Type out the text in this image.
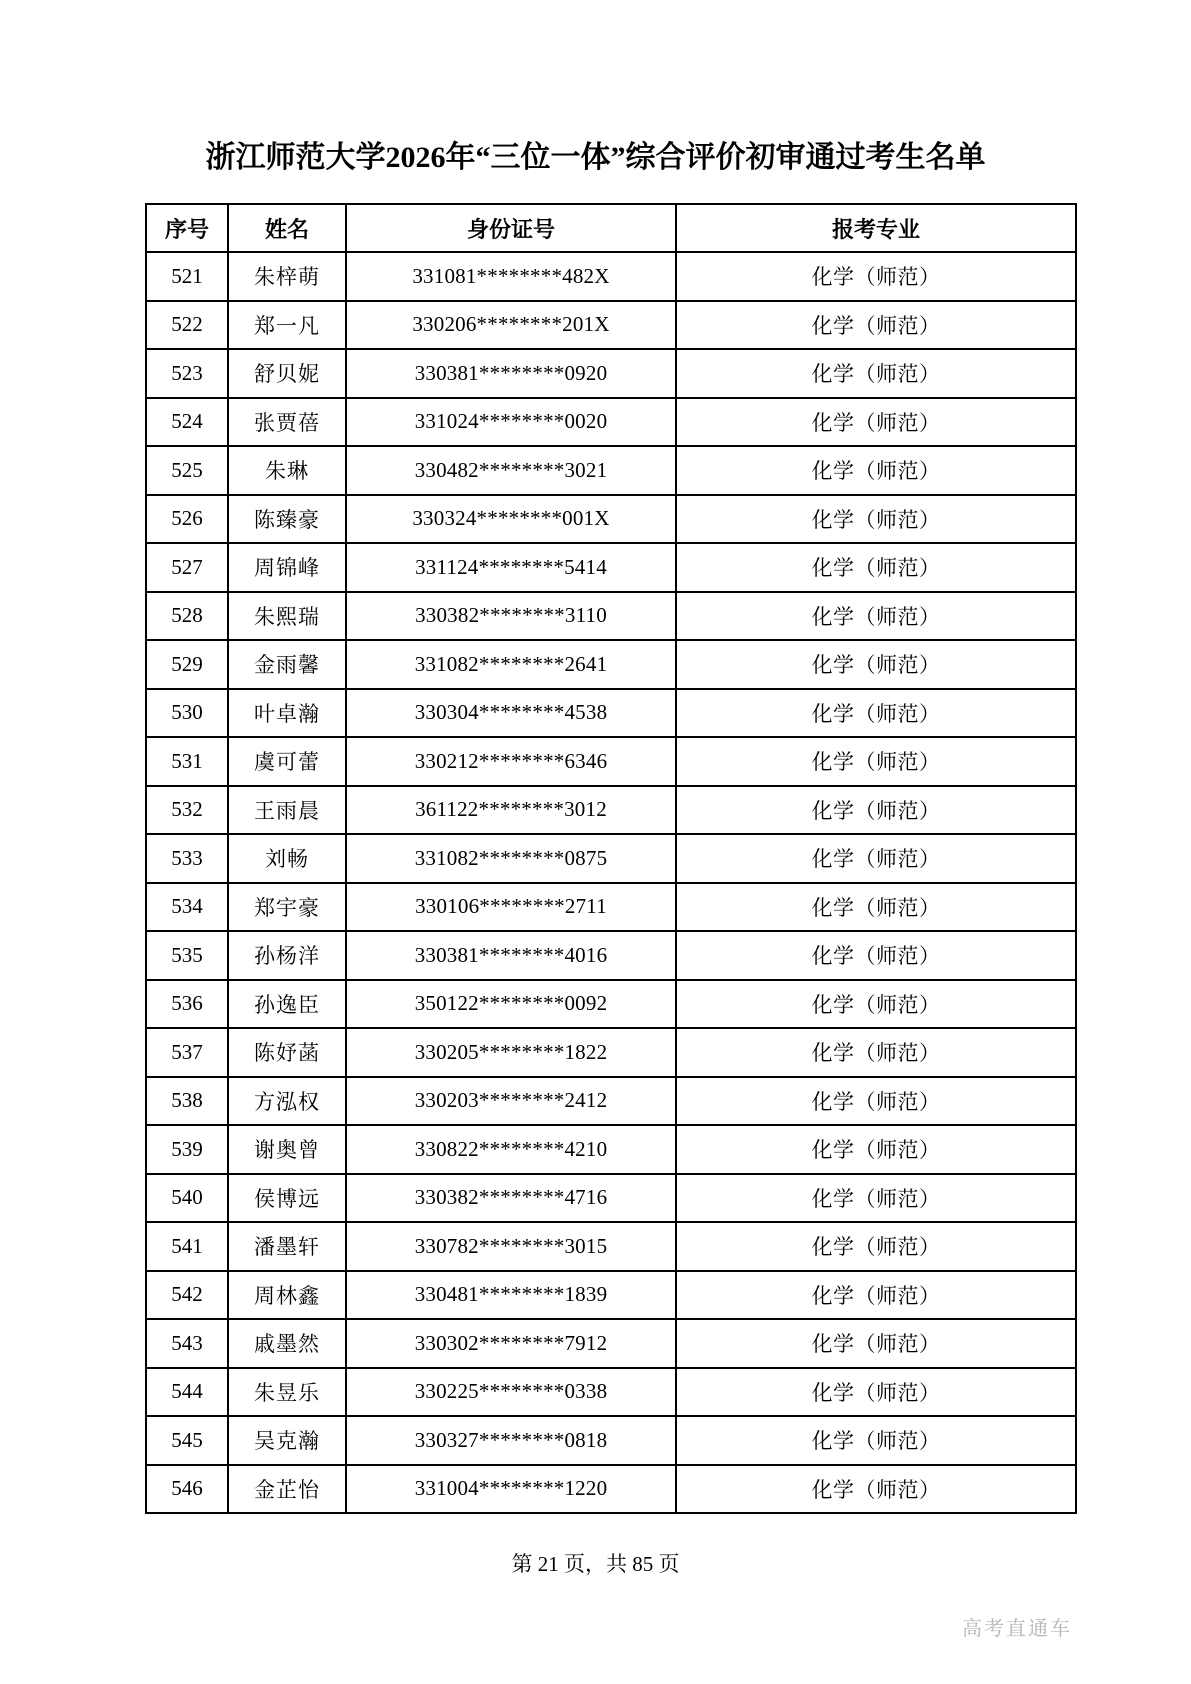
浙江师范大学2026年“三位一体”综合评价初审通过考生名单
序号	姓名	身份证号	报考专业
521	朱梓萌	331081********482X	化学（师范）
522	郑一凡	330206********201X	化学（师范）
523	舒贝妮	330381********0920	化学（师范）
524	张贾蓓	331024********0020	化学（师范）
525	朱琳	330482********3021	化学（师范）
526	陈臻豪	330324********001X	化学（师范）
527	周锦峰	331124********5414	化学（师范）
528	朱熙瑞	330382********3110	化学（师范）
529	金雨馨	331082********2641	化学（师范）
530	叶卓瀚	330304********4538	化学（师范）
531	虞可蕾	330212********6346	化学（师范）
532	王雨晨	361122********3012	化学（师范）
533	刘畅	331082********0875	化学（师范）
534	郑宇豪	330106********2711	化学（师范）
535	孙杨洋	330381********4016	化学（师范）
536	孙逸臣	350122********0092	化学（师范）
537	陈妤菡	330205********1822	化学（师范）
538	方泓权	330203********2412	化学（师范）
539	谢奥曾	330822********4210	化学（师范）
540	侯博远	330382********4716	化学（师范）
541	潘墨轩	330782********3015	化学（师范）
542	周林鑫	330481********1839	化学（师范）
543	戚墨然	330302********7912	化学（师范）
544	朱昱乐	330225********0338	化学（师范）
545	吴克瀚	330327********0818	化学（师范）
546	金芷怡	331004********1220	化学（师范）
第 21 页，共 85 页
高考直通车
